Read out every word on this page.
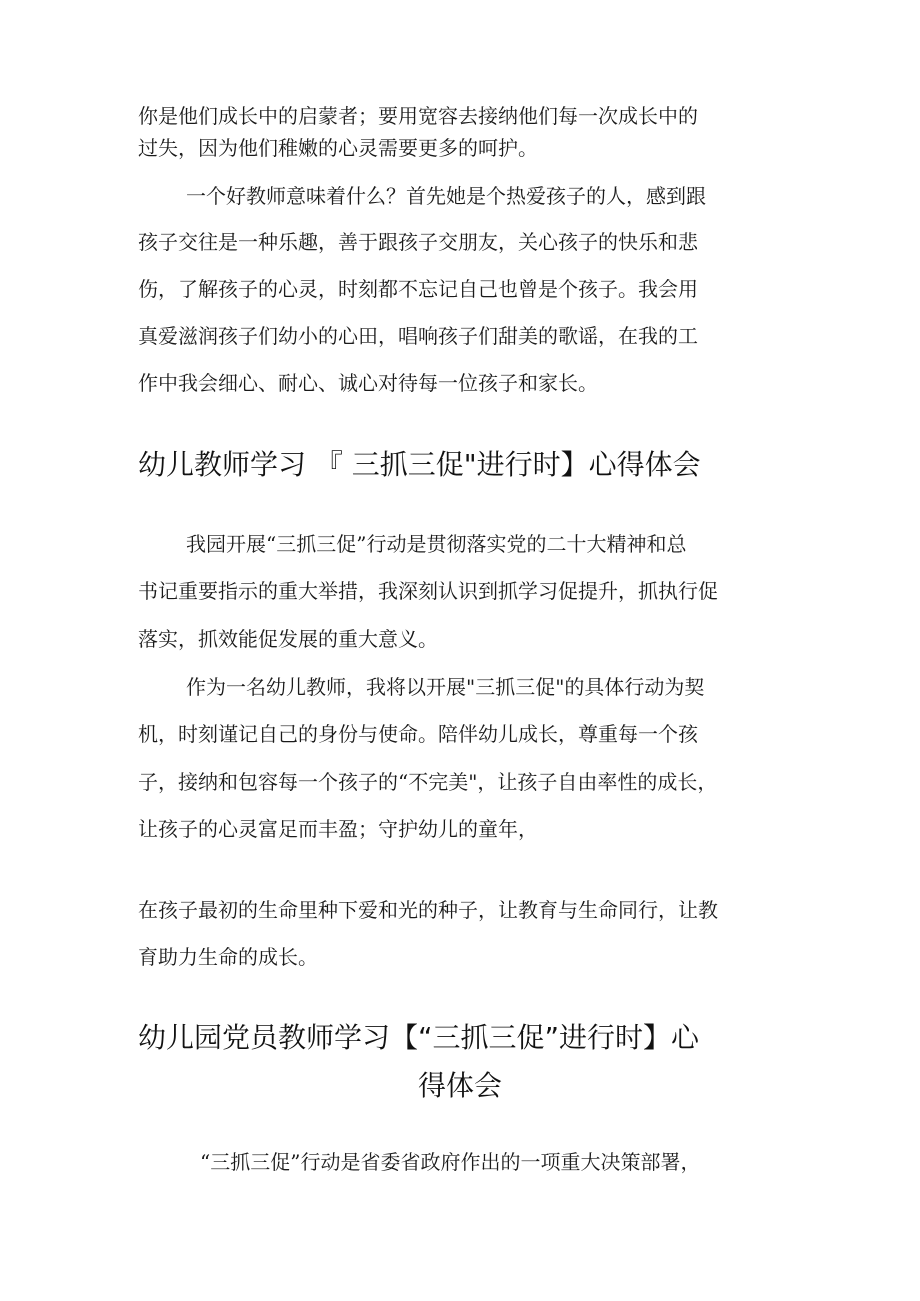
你是他们成长中的启蒙者；要用宽容去接纳他们每一次成长中的
过失，因为他们稚嫩的心灵需要更多的呵护。
一个好教师意味着什么？首先她是个热爱孩子的人，感到跟
孩子交往是一种乐趣，善于跟孩子交朋友，关心孩子的快乐和悲
伤，了解孩子的心灵，时刻都不忘记自己也曾是个孩子。我会用
真爱滋润孩子们幼小的心田，唱响孩子们甜美的歌谣，在我的工
作中我会细心、耐心、诚心对待每一位孩子和家长。
幼儿教师学习 『 三抓三促"进行时】心得体会
我园开展“三抓三促”行动是贯彻落实党的二十大精神和总
书记重要指示的重大举措，我深刻认识到抓学习促提升，抓执行促
落实，抓效能促发展的重大意义。
作为一名幼儿教师，我将以开展"三抓三促"的具体行动为契
机，时刻谨记自己的身份与使命。陪伴幼儿成长，尊重每一个孩
子，接纳和包容每一个孩子的“不完美"，让孩子自由率性的成长，
让孩子的心灵富足而丰盈；守护幼儿的童年，
在孩子最初的生命里种下爱和光的种子，让教育与生命同行，让教
育助力生命的成长。
幼儿园党员教师学习【“三抓三促”进行时】心
得体会
“三抓三促”行动是省委省政府作出的一项重大决策部署，
